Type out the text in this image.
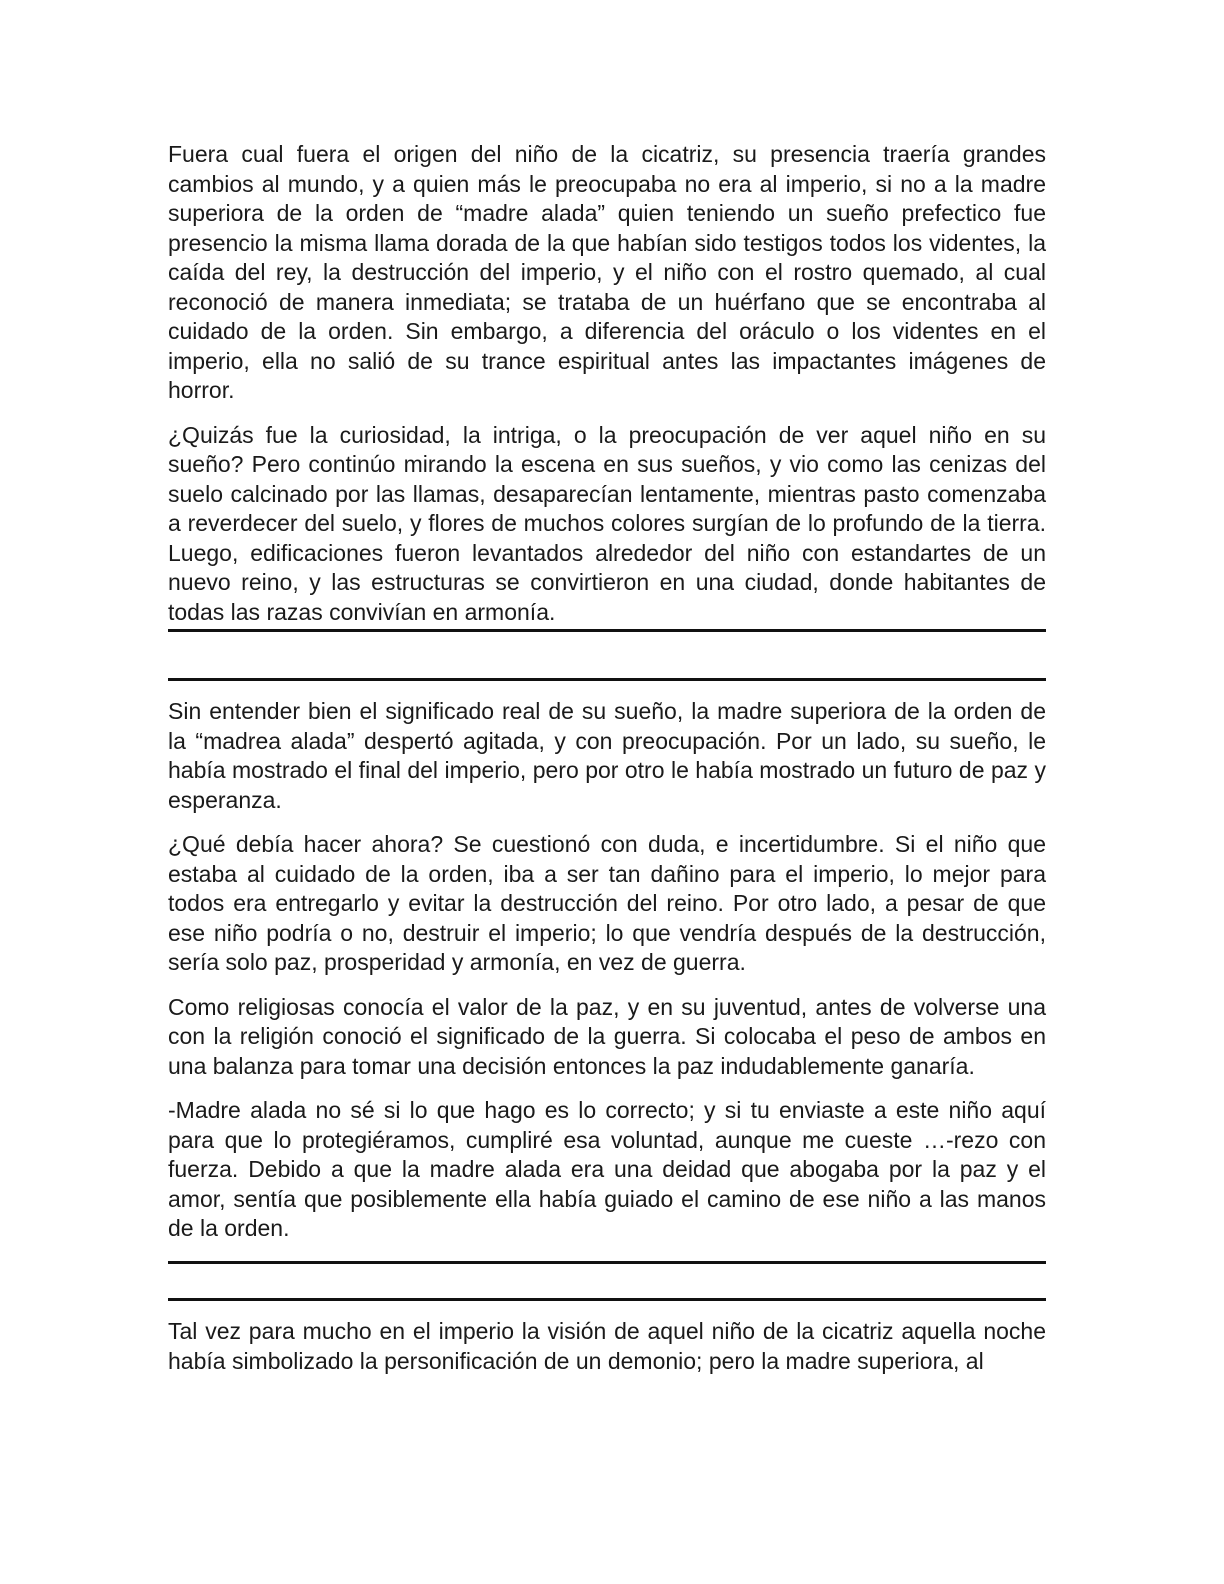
Fuera cual fuera el origen del niño de la cicatriz, su presencia traería grandes cambios al mundo, y a quien más le preocupaba no era al imperio, si no a la madre superiora de la orden de “madre alada” quien teniendo un sueño prefectico fue presencio la misma llama dorada de la que habían sido testigos todos los videntes, la caída del rey, la destrucción del imperio, y el niño con el rostro quemado, al cual reconoció de manera inmediata; se trataba de un huérfano que se encontraba al cuidado de la orden. Sin embargo, a diferencia del oráculo o los videntes en el imperio, ella no salió de su trance espiritual antes las impactantes imágenes de horror.

¿Quizás fue la curiosidad, la intriga, o la preocupación de ver aquel niño en su sueño? Pero continúo mirando la escena en sus sueños, y vio como las cenizas del suelo calcinado por las llamas, desaparecían lentamente, mientras pasto comenzaba a reverdecer del suelo, y flores de muchos colores surgían de lo profundo de la tierra. Luego, edificaciones fueron levantados alrededor del niño con estandartes de un nuevo reino, y las estructuras se convirtieron en una ciudad, donde habitantes de todas las razas convivían en armonía.

Sin entender bien el significado real de su sueño, la madre superiora de la orden de la “madrea alada” despertó agitada, y con preocupación. Por un lado, su sueño, le había mostrado el final del imperio, pero por otro le había mostrado un futuro de paz y esperanza.

¿Qué debía hacer ahora? Se cuestionó con duda, e incertidumbre. Si el niño que estaba al cuidado de la orden, iba a ser tan dañino para el imperio, lo mejor para todos era entregarlo y evitar la destrucción del reino. Por otro lado, a pesar de que ese niño podría o no, destruir el imperio; lo que vendría después de la destrucción, sería solo paz, prosperidad y armonía, en vez de guerra.

Como religiosas conocía el valor de la paz, y en su juventud, antes de volverse una con la religión conoció el significado de la guerra. Si colocaba el peso de ambos en una balanza para tomar una decisión entonces la paz indudablemente ganaría.

-Madre alada no sé si lo que hago es lo correcto; y si tu enviaste a este niño aquí para que lo protegiéramos, cumpliré esa voluntad, aunque me cueste …-rezo con fuerza. Debido a que la madre alada era una deidad que abogaba por la paz y el amor, sentía que posiblemente ella había guiado el camino de ese niño a las manos de la orden.

Tal vez para mucho en el imperio la visión de aquel niño de la cicatriz aquella noche había simbolizado la personificación de un demonio; pero la madre superiora, al
